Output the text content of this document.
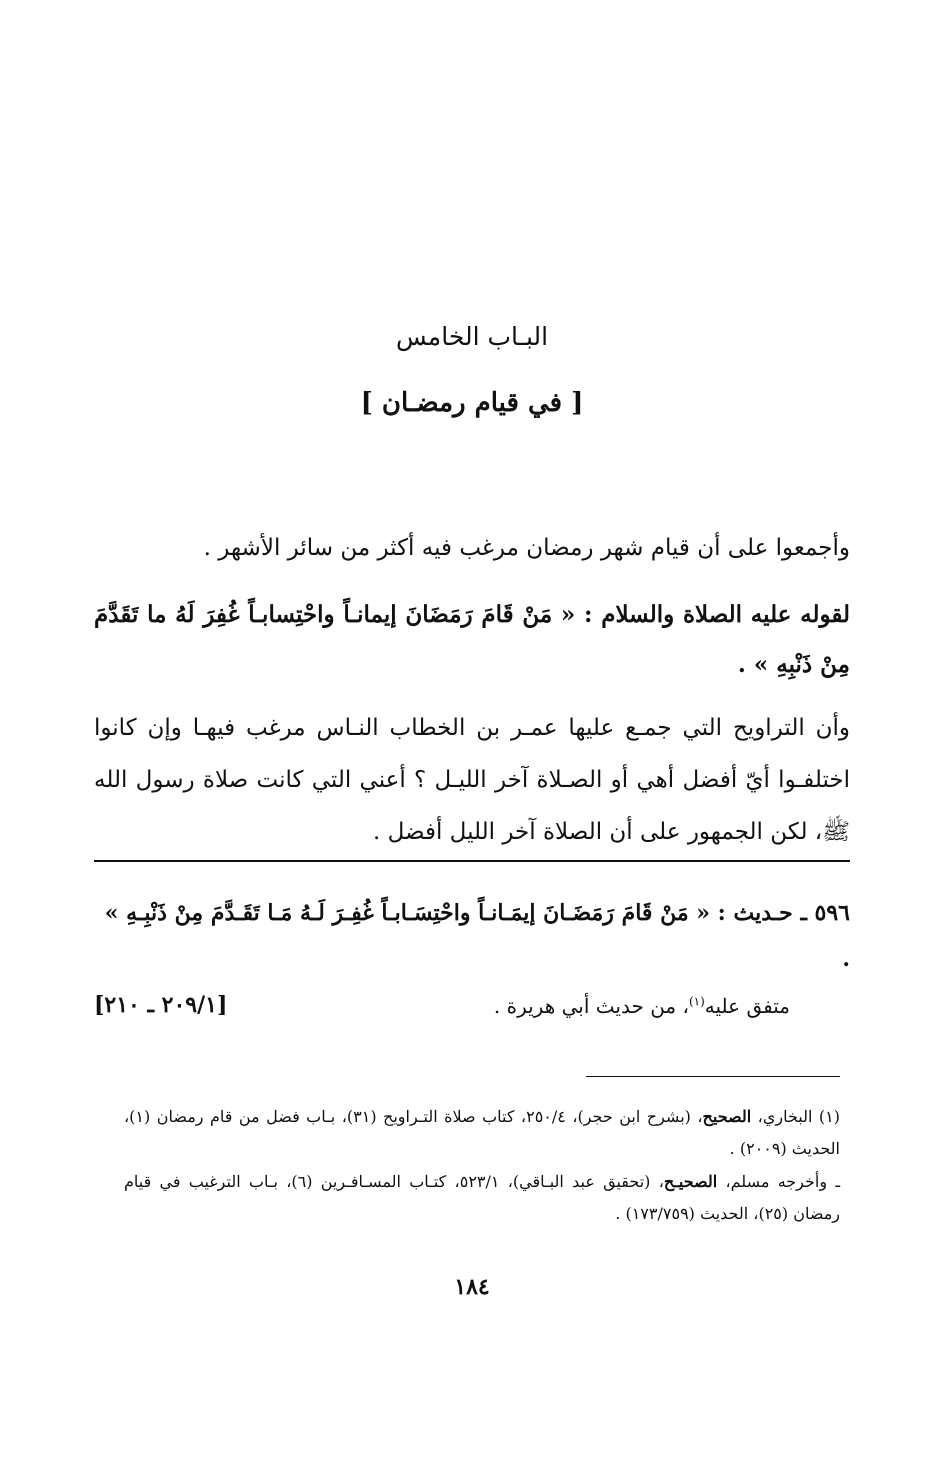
البـاب الخامس
[ في قيام رمضـان ]

وأجمعوا على أن قيام شهر رمضان مرغب فيه أكثر من سائر الأشهر .

لقوله عليه الصلاة والسلام : « مَنْ قَامَ رَمَضَانَ إيمانـاً واحْتِسابـاً غُفِرَ لَهُ ما تَقَدَّمَ مِنْ ذَنْبِهِ » .

وأن التراويح التي جمـع عليها عمـر بن الخطاب النـاس مرغب فيهـا وإن كانوا اختلفـوا أيّ أفضل أهي أو الصـلاة آخر الليـل ؟ أعني التي كانت صلاة رسول الله ﷺ، لكن الجمهور على أن الصلاة آخر الليل أفضل .

٥٩٦ ـ حـديث : « مَنْ قَامَ رَمَضَـانَ إيمَـانـاً واحْتِسَـابـاً غُفِـرَ لَـهُ مَـا تَقَـدَّمَ مِنْ ذَنْبِـهِ » .
[٢٠٩/١ ـ ٢١٠]	متفق عليه$^{(١)}$، من حديث أبي هريرة .

(١) البخاري، الصحيح، (بشرح ابن حجر)، ٢٥٠/٤، كتاب صلاة التـراويح (٣١)، بـاب فضل من قام رمضان (١)، الحديث (٢٠٠٩) .

ـ وأخرجه مسلم، الصحيـح، (تحقيق عبد البـاقي)، ٥٢٣/١، كتـاب المسـافـرين (٦)، بـاب الترغيب في قيام رمضان (٢٥)، الحديث (١٧٣/٧٥٩) .

١٨٤
